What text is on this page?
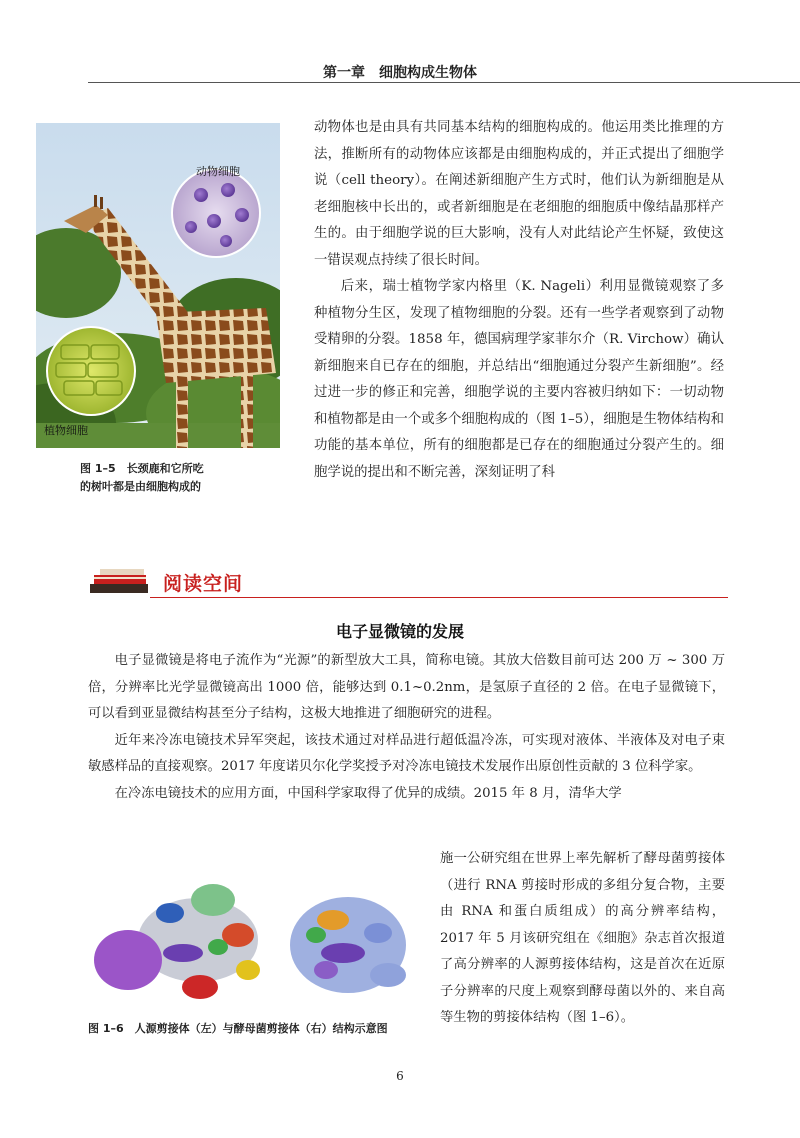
第一章　细胞构成生物体
动物细胞
植物细胞
图 1–5　长颈鹿和它所吃
的树叶都是由细胞构成的
动物体也是由具有共同基本结构的细胞构成的。他运用类比推理的方法，推断所有的动物体应该都是由细胞构成的，并正式提出了细胞学说（cell theory）。在阐述新细胞产生方式时，他们认为新细胞是从老细胞核中长出的，或者新细胞是在老细胞的细胞质中像结晶那样产生的。由于细胞学说的巨大影响，没有人对此结论产生怀疑，致使这一错误观点持续了很长时间。
后来，瑞士植物学家内格里（K. Nageli）利用显微镜观察了多种植物分生区，发现了植物细胞的分裂。还有一些学者观察到了动物受精卵的分裂。1858 年，德国病理学家菲尔介（R. Virchow）确认新细胞来自已存在的细胞，并总结出“细胞通过分裂产生新细胞”。经过进一步的修正和完善，细胞学说的主要内容被归纳如下：一切动物和植物都是由一个或多个细胞构成的（图 1–5），细胞是生物体结构和功能的基本单位，所有的细胞都是已存在的细胞通过分裂产生的。细胞学说的提出和不断完善，深刻证明了科
阅读空间
电子显微镜的发展

电子显微镜是将电子流作为“光源”的新型放大工具，简称电镜。其放大倍数目前可达 200 万 ~ 300 万倍，分辨率比光学显微镜高出 1000 倍，能够达到 0.1~0.2nm，是氢原子直径的 2 倍。在电子显微镜下，可以看到亚显微结构甚至分子结构，这极大地推进了细胞研究的进程。

近年来冷冻电镜技术异军突起，该技术通过对样品进行超低温冷冻，可实现对液体、半液体及对电子束敏感样品的直接观察。2017 年度诺贝尔化学奖授予对冷冻电镜技术发展作出原创性贡献的 3 位科学家。

在冷冻电镜技术的应用方面，中国科学家取得了优异的成绩。2015 年 8 月，清华大学

施一公研究组在世界上率先解析了酵母菌剪接体（进行 RNA 剪接时形成的多组分复合物，主要由 RNA 和蛋白质组成）的高分辨率结构，2017 年 5 月该研究组在《细胞》杂志首次报道了高分辨率的人源剪接体结构，这是首次在近原子分辨率的尺度上观察到酵母菌以外的、来自高等生物的剪接体结构（图 1–6）。
图 1–6　人源剪接体（左）与酵母菌剪接体（右）结构示意图
6
